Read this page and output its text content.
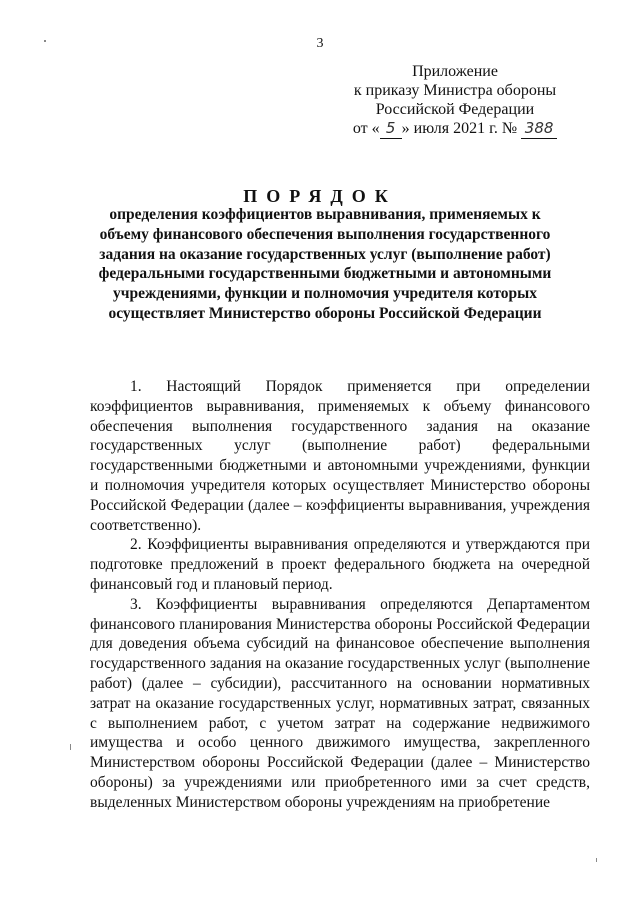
3
Приложение
к приказу Министра обороны
Российской Федерации
от « 5 » июля 2021 г. № 388
ПОРЯДОК
определения коэффициентов выравнивания, применяемых к объему финансового обеспечения выполнения государственного задания на оказание государственных услуг (выполнение работ) федеральными государственными бюджетными и автономными учреждениями, функции и полномочия учредителя которых осуществляет Министерство обороны Российской Федерации

1. Настоящий Порядок применяется при определении коэффициентов выравнивания, применяемых к объему финансового обеспечения выполнения государственного задания на оказание государственных услуг (выполнение работ) федеральными государственными бюджетными и автономными учреждениями, функции и полномочия учредителя которых осуществляет Министерство обороны Российской Федерации (далее – коэффициенты выравнивания, учреждения соответственно).

2. Коэффициенты выравнивания определяются и утверждаются при подготовке предложений в проект федерального бюджета на очередной финансовый год и плановый период.

3. Коэффициенты выравнивания определяются Департаментом финансового планирования Министерства обороны Российской Федерации для доведения объема субсидий на финансовое обеспечение выполнения государственного задания на оказание государственных услуг (выполнение работ) (далее – субсидии), рассчитанного на основании нормативных затрат на оказание государственных услуг, нормативных затрат, связанных с выполнением работ, с учетом затрат на содержание недвижимого имущества и особо ценного движимого имущества, закрепленного Министерством обороны Российской Федерации (далее – Министерство обороны) за учреждениями или приобретенного ими за счет средств, выделенных Министерством обороны учреждениям на приобретение
